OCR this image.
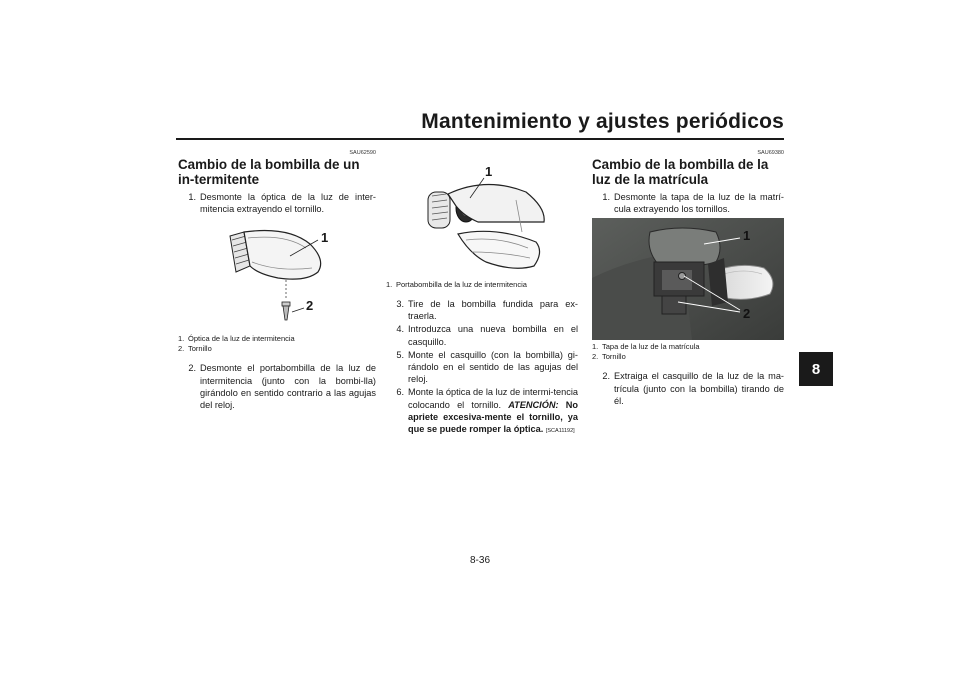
Mantenimiento y ajustes periódicos
8
SAU62590
Cambio de la bombilla de un in-termitente
1. Desmonte la óptica de la luz de inter-mitencia extrayendo el tornillo.
1
2

1. Óptica de la luz de intermitencia

2. Tornillo

2. Desmonte el portabombilla de la luz de intermitencia (junto con la bombi-lla) girándolo en sentido contrario a las agujas del reloj.
1

1. Portabombilla de la luz de intermitencia

3. Tire de la bombilla fundida para ex-traerla.
4. Introduzca una nueva bombilla en el casquillo.
5. Monte el casquillo (con la bombilla) gi-rándolo en el sentido de las agujas del reloj.
6. Monte la óptica de la luz de intermi-tencia colocando el tornillo. ATENCIÓN: No apriete excesiva-mente el tornillo, ya que se puede romper la óptica. [SCA11192]
SAU69380
Cambio de la bombilla de la luz de la matrícula
1. Desmonte la tapa de la luz de la matrí-cula extrayendo los tornillos.
1
2

1. Tapa de la luz de la matrícula

2. Tornillo

2. Extraiga el casquillo de la luz de la ma-trícula (junto con la bombilla) tirando de él.
8-36
